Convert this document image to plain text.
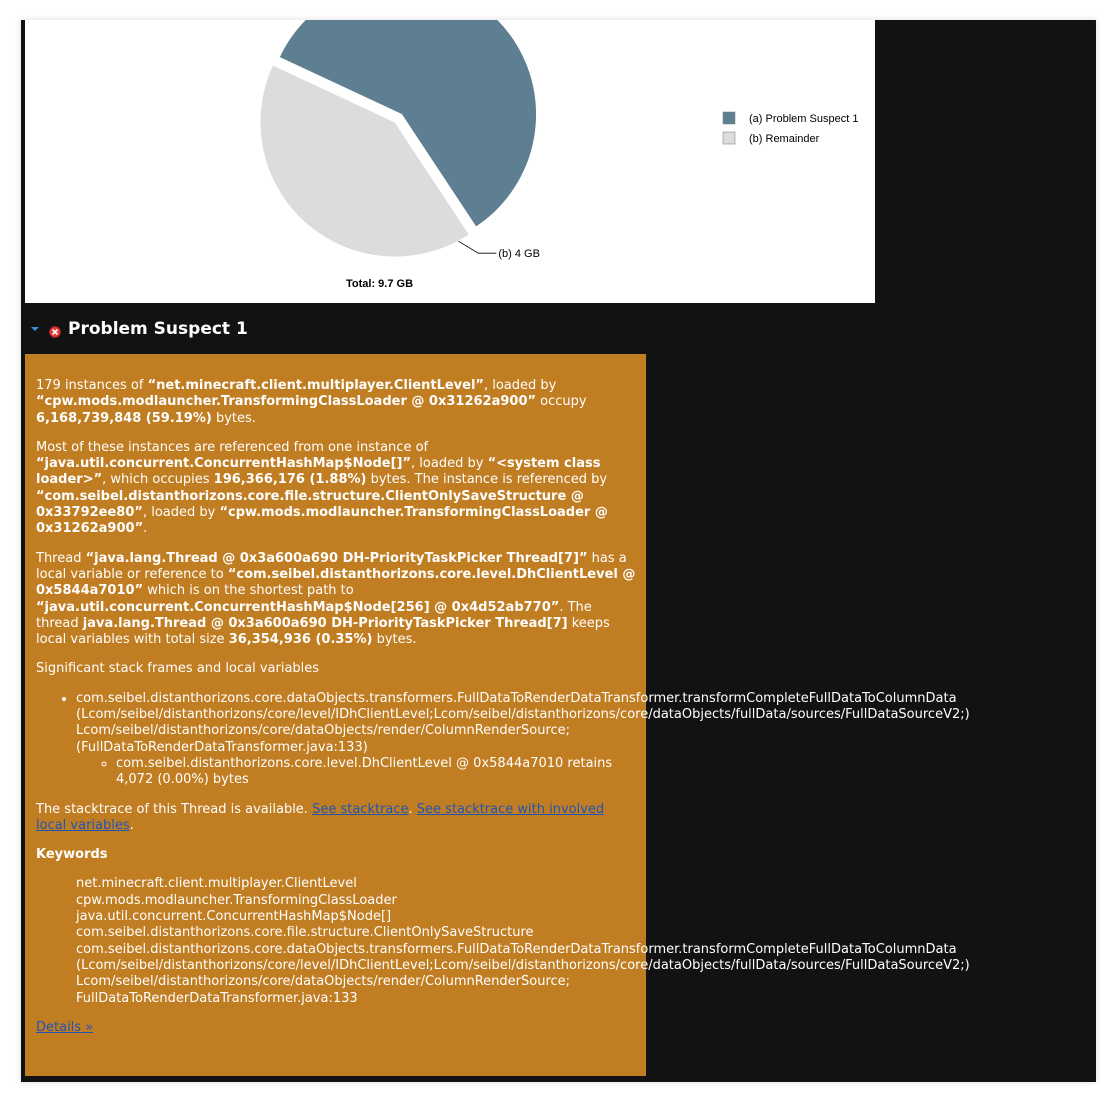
(b) 4 GB
(a) Problem Suspect 1
(b) Remainder
Total: 9.7 GB
Problem Suspect 1

179 instances of “net.minecraft.client.multiplayer.ClientLevel”, loaded by “cpw.mods.modlauncher.TransformingClassLoader @ 0x31262a900” occupy 6,168,739,848 (59.19%) bytes.

Most of these instances are referenced from one instance of “java.util.concurrent.ConcurrentHashMap$Node[]”, loaded by “<system class loader>”, which occupies 196,366,176 (1.88%) bytes. The instance is referenced by “com.seibel.distanthorizons.core.file.structure.ClientOnlySaveStructure @ 0x33792ee80”, loaded by “cpw.mods.modlauncher.TransformingClassLoader @ 0x31262a900”.

Thread “java.lang.Thread @ 0x3a600a690 DH-PriorityTaskPicker Thread[7]” has a local variable or reference to “com.seibel.distanthorizons.core.level.DhClientLevel @ 0x5844a7010” which is on the shortest path to “java.util.concurrent.ConcurrentHashMap$Node[256] @ 0x4d52ab770”. The thread java.lang.Thread @ 0x3a600a690 DH-PriorityTaskPicker Thread[7] keeps local variables with total size 36,354,936 (0.35%) bytes.

Significant stack frames and local variables

• com.seibel.distanthorizons.core.dataObjects.transformers.FullDataToRenderDataTransformer.transformCompleteFullDataToColumnData
(Lcom/seibel/distanthorizons/core/level/IDhClientLevel;Lcom/seibel/distanthorizons/core/dataObjects/fullData/sources/FullDataSourceV2;)
Lcom/seibel/distanthorizons/core/dataObjects/render/ColumnRenderSource;
(FullDataToRenderDataTransformer.java:133)
◦ com.seibel.distanthorizons.core.level.DhClientLevel @ 0x5844a7010 retains 4,072 (0.00%) bytes

The stacktrace of this Thread is available. See stacktrace. See stacktrace with involved local variables.

Keywords
net.minecraft.client.multiplayer.ClientLevel
cpw.mods.modlauncher.TransformingClassLoader
java.util.concurrent.ConcurrentHashMap$Node[]
com.seibel.distanthorizons.core.file.structure.ClientOnlySaveStructure
com.seibel.distanthorizons.core.dataObjects.transformers.FullDataToRenderDataTransformer.transformCompleteFullDataToColumnData
(Lcom/seibel/distanthorizons/core/level/IDhClientLevel;Lcom/seibel/distanthorizons/core/dataObjects/fullData/sources/FullDataSourceV2;)
Lcom/seibel/distanthorizons/core/dataObjects/render/ColumnRenderSource;
FullDataToRenderDataTransformer.java:133
Details »
